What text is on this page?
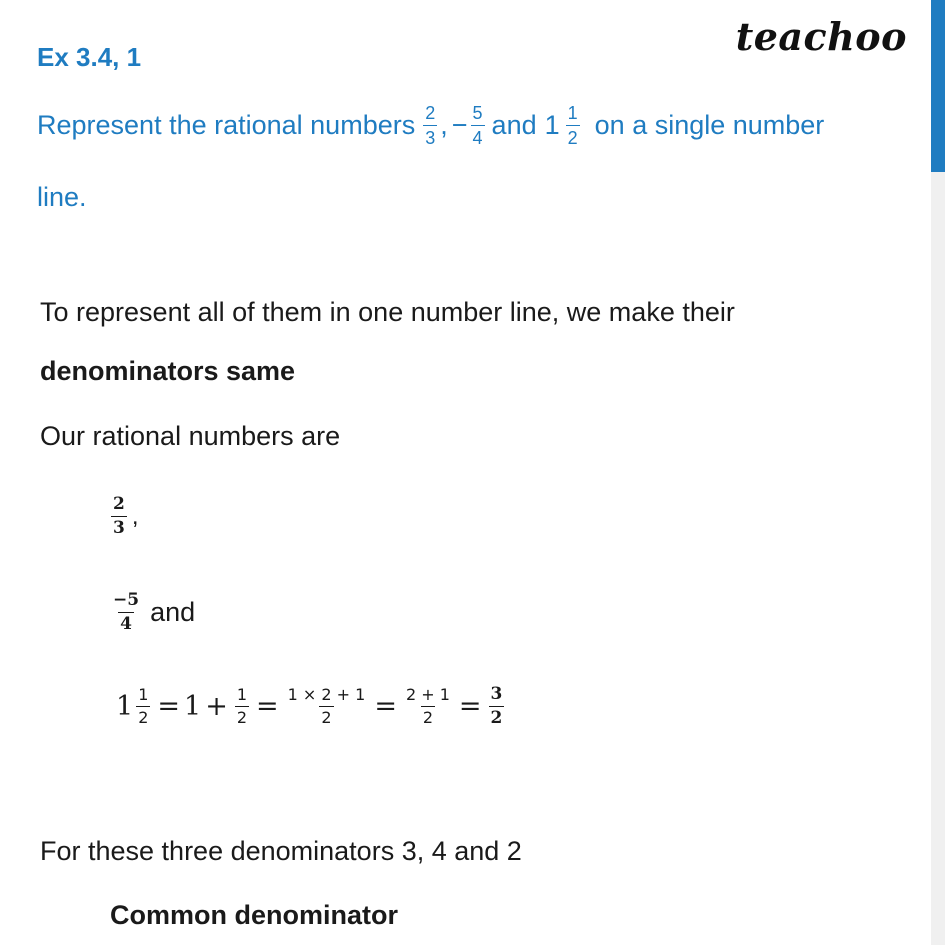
Ex 3.4, 1	teachoo
Represent the rational numbers $\frac{2}{3}$ , − $\frac{5}{4}$ and $1 \frac{1}{2}$ on a single number
line.
To represent all of them in one number line, we make their
denominators same
Our rational numbers are
$\frac{2}{3}$ ,
$\frac{-5}{4}$ and
$1 \frac{1}{2} = 1 + \frac{1}{2} = \frac{1 \times 2 + 1}{2} = \frac{2 + 1}{2} = \frac{3}{2}$
For these three denominators 3, 4 and 2
Common denominator
